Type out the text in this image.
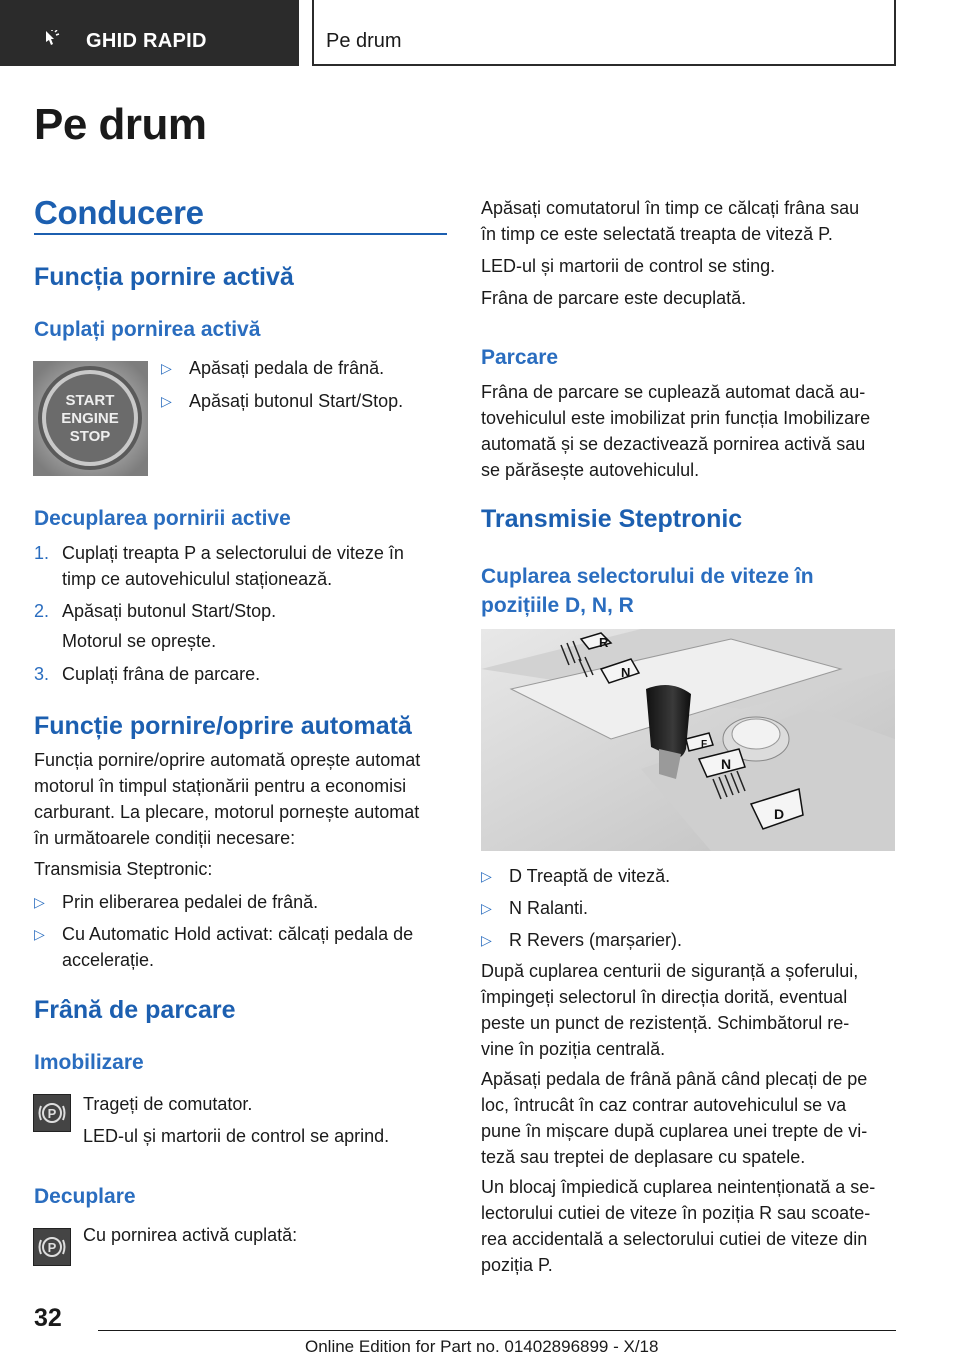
GHID RAPID	Pe drum
Pe drum
Conducere
Funcția pornire activă
Cuplați pornirea activă
START
ENGINE
STOP
▷ Apăsați pedala de frână.
▷ Apăsați butonul Start/Stop.
Decuplarea pornirii active
1. Cuplați treapta P a selectorului de viteze în
timp ce autovehiculul staționează.
2. Apăsați butonul Start/Stop.
Motorul se oprește.
3. Cuplați frâna de parcare.
Funcție pornire/oprire automată
Funcția pornire/oprire automată oprește automat
motorul în timpul staționării pentru a economisi
carburant. La plecare, motorul pornește automat
în următoarele condiții necesare:
Transmisia Steptronic:
▷ Prin eliberarea pedalei de frână.
▷ Cu Automatic Hold activat: călcați pedala de
accelerație.
Frână de parcare
Imobilizare
P Trageți de comutator.
LED-ul și martorii de control se aprind.
Decuplare
P
Cu pornirea activă cuplată:
Apăsați comutatorul în timp ce călcați frâna sau
în timp ce este selectată treapta de viteză P.
LED-ul și martorii de control se sting.
Frâna de parcare este decuplată.
Parcare
Frâna de parcare se cuplează automat dacă au-
tovehiculul este imobilizat prin funcția Imobilizare
automată și se dezactivează pornirea activă sau
se părăsește autovehiculul.
Transmisie Steptronic
Cuplarea selectorului de viteze în
pozițiile D, N, R
R
N
F
N
D
▷ D Treaptă de viteză.
▷ N Ralanti.
▷ R Revers (marșarier).
După cuplarea centurii de siguranță a șoferului,
împingeți selectorul în direcția dorită, eventual
peste un punct de rezistență. Schimbătorul re-
vine în poziția centrală.
Apăsați pedala de frână până când plecați de pe
loc, întrucât în caz contrar autovehiculul se va
pune în mișcare după cuplarea unei trepte de vi-
teză sau treptei de deplasare cu spatele.
Un blocaj împiedică cuplarea neintenționată a se-
lectorului cutiei de viteze în poziția R sau scoate-
rea accidentală a selectorului cutiei de viteze din
poziția P.
32
Online Edition for Part no. 01402896899 - X/18
